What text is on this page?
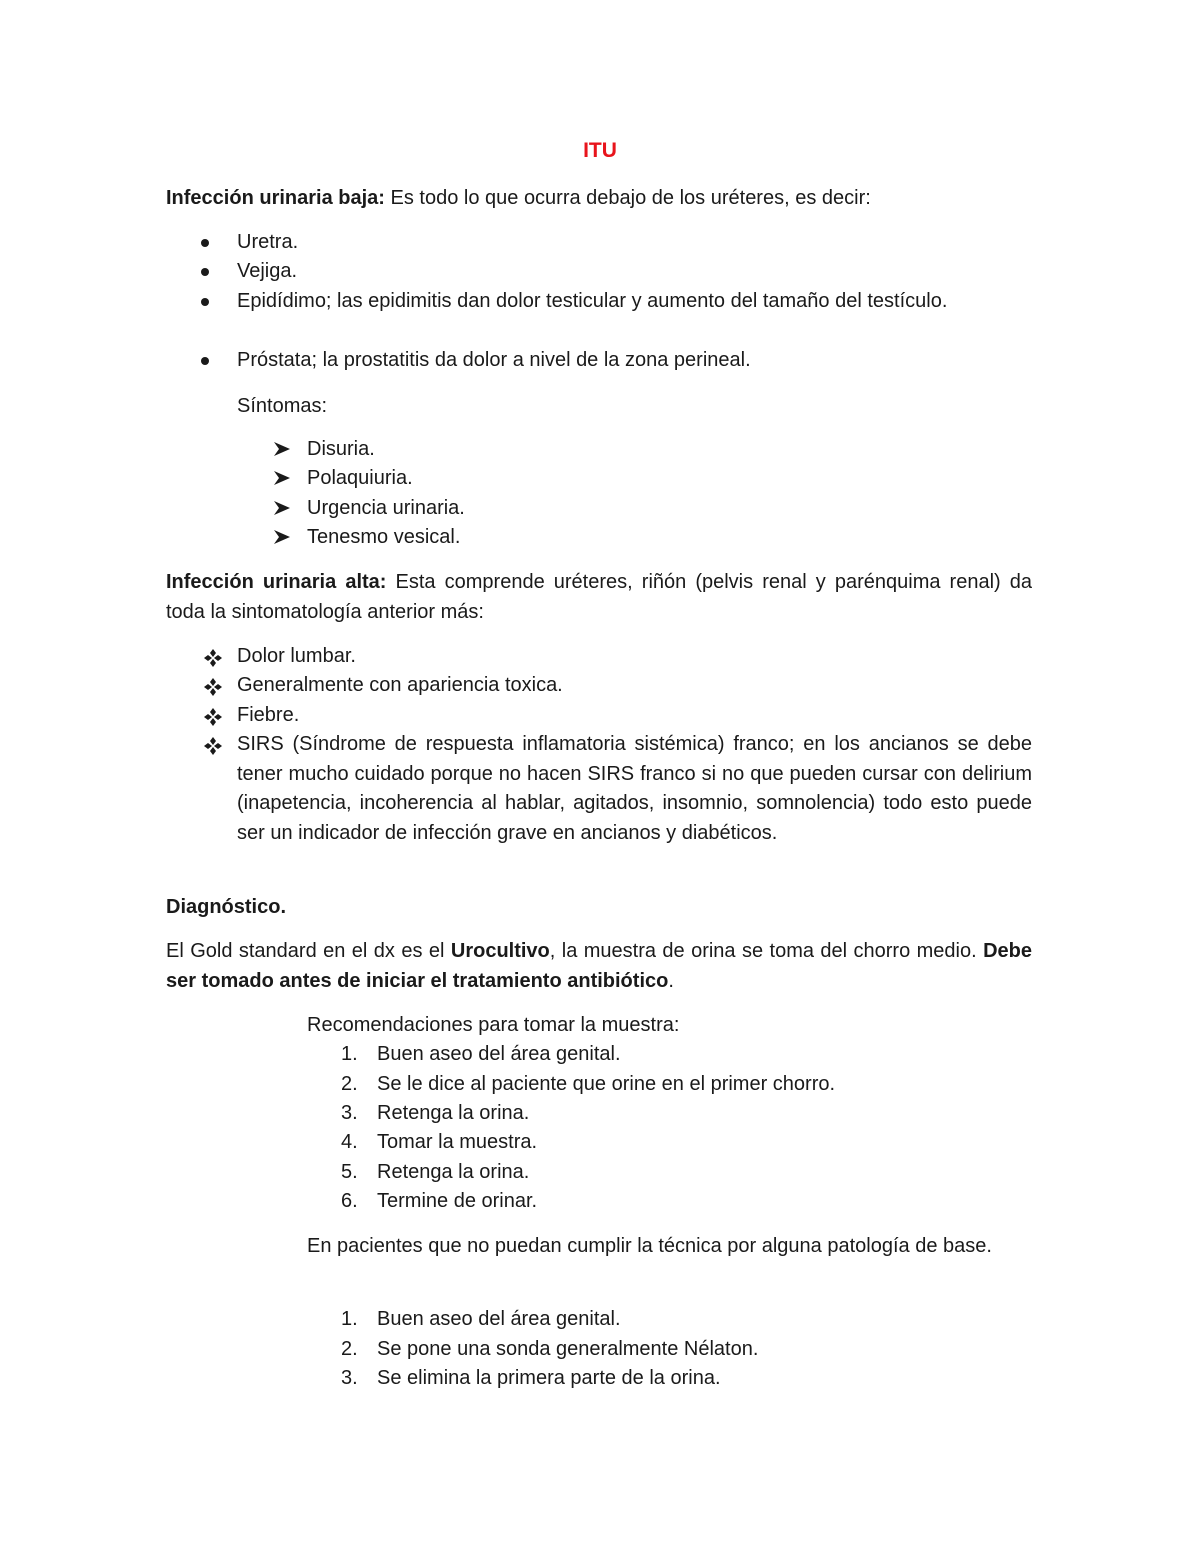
ITU

Infección urinaria baja: Es todo lo que ocurra debajo de los uréteres, es decir:

Uretra.
Vejiga.

Epidídimo; las epidimitis dan dolor testicular y aumento del tamaño del testículo.

Próstata; la prostatitis da dolor a nivel de la zona perineal.
Síntomas:
Disuria.
Polaquiuria.
Urgencia urinaria.
Tenesmo vesical.

Infección urinaria alta: Esta comprende uréteres, riñón (pelvis renal y parénquima renal) da toda la sintomatología anterior más:

Dolor lumbar.
Generalmente con apariencia toxica.
Fiebre.

SIRS (Síndrome de respuesta inflamatoria sistémica) franco; en los ancianos se debe tener mucho cuidado porque no hacen SIRS franco si no que pueden cursar con delirium (inapetencia, incoherencia al hablar, agitados, insomnio, somnolencia) todo esto puede ser un indicador de infección grave en ancianos y diabéticos.

Diagnóstico.

El Gold standard en el dx es el Urocultivo, la muestra de orina se toma del chorro medio. Debe ser tomado antes de iniciar el tratamiento antibiótico.

Recomendaciones para tomar la muestra:
1. Buen aseo del área genital.
2. Se le dice al paciente que orine en el primer chorro.
3. Retenga la orina.
4. Tomar la muestra.
5. Retenga la orina.
6. Termine de orinar.

En pacientes que no puedan cumplir la técnica por alguna patología de base.

1. Buen aseo del área genital.
2. Se pone una sonda generalmente Nélaton.
3. Se elimina la primera parte de la orina.
